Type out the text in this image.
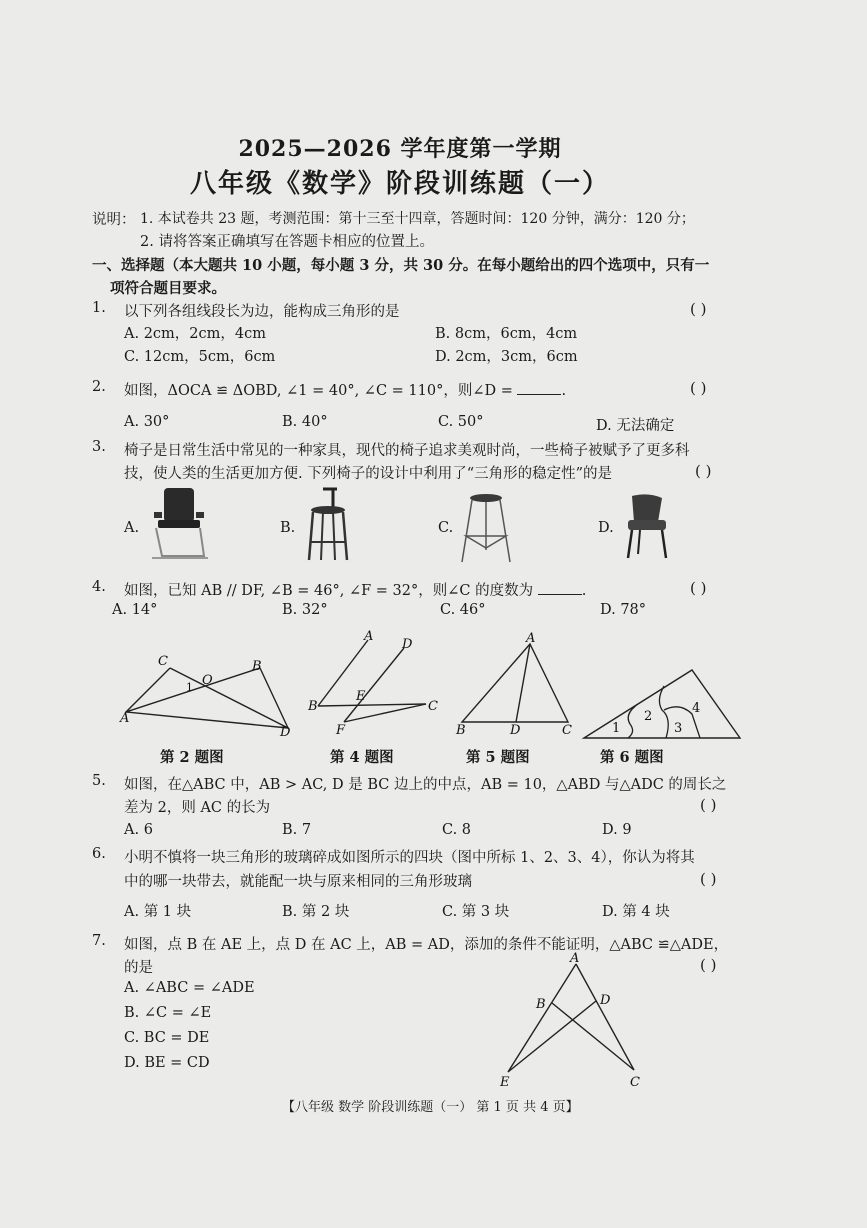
2025—2026 学年度第一学期
八年级《数学》阶段训练题（一）
说明： 1. 本试卷共 23 题，考测范围：第十三至十四章，答题时间：120 分钟，满分：120 分；
2. 请将答案正确填写在答题卡相应的位置上。
一、选择题（本大题共 10 小题，每小题 3 分，共 30 分。在每小题给出的四个选项中，只有一
项符合题目要求。
1. 以下列各组线段长为边，能构成三角形的是	( )
A. 2cm，2cm，4cm	B. 8cm，6cm，4cm
C. 12cm，5cm，6cm	D. 2cm，3cm，6cm
2. 如图，ΔOCA ≌ ΔOBD, ∠1 = 40°, ∠C = 110°，则∠D =	.	( )
A. 30°	B. 40°	C. 50°	D. 无法确定
3. 椅子是日常生活中常见的一种家具，现代的椅子追求美观时尚，一些椅子被赋予了更多科
技，使人类的生活更加方便. 下列椅子的设计中利用了“三角形的稳定性”的是	( )
A.	B.	C.	D.
4. 如图，已知 AB // DF, ∠B = 46°, ∠F = 32°，则∠C 的度数为	.	( )
A. 14°	B. 32°	C. 46°	D. 78°
C	B
A
D
O
1
第 2 题图
A
D
B
E
C
F
第 4 题图
A
B	D	C
第 5 题图
1
2
3
4
第 6 题图
5. 如图，在△ABC 中，AB > AC, D 是 BC 边上的中点，AB = 10，△ABD 与△ADC 的周长之
差为 2，则 AC 的长为	( )
A. 6	B. 7	C. 8	D. 9
6. 小明不慎将一块三角形的玻璃碎成如图所示的四块（图中所标 1、2、3、4），你认为将其
中的哪一块带去，就能配一块与原来相同的三角形玻璃	( )
A. 第 1 块	B. 第 2 块	C. 第 3 块	D. 第 4 块
7. 如图，点 B 在 AE 上，点 D 在 AC 上，AB = AD，添加的条件不能证明，△ABC ≌△ADE，
的是	( )
A. ∠ABC = ∠ADE
B. ∠C = ∠E
C. BC = DE
D. BE = CD
A
B	D
E	C
【八年级 数学 阶段训练题（一） 第 1 页 共 4 页】
